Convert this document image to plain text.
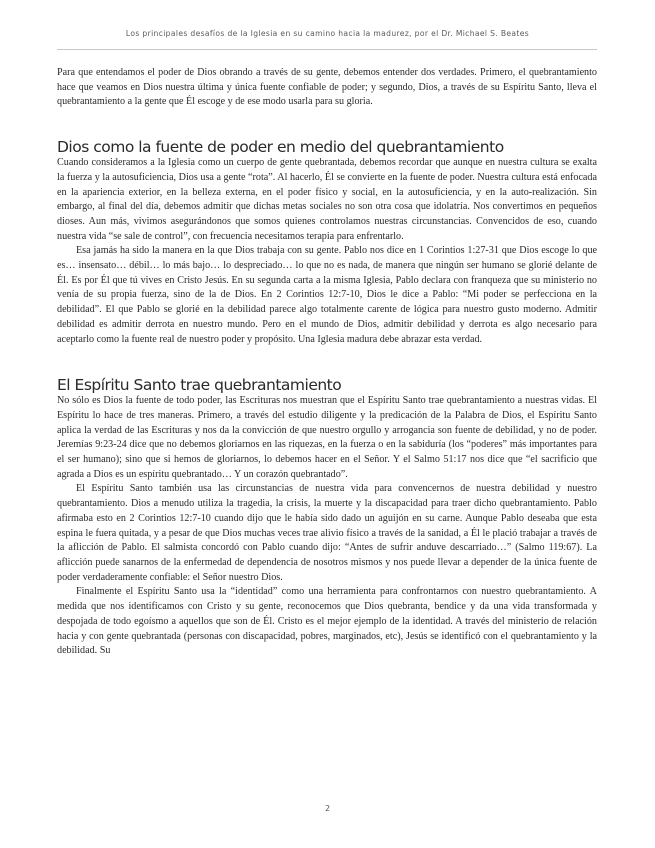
Los principales desafíos de la Iglesia en su camino hacia la madurez, por el Dr. Michael S. Beates

Para que entendamos el poder de Dios obrando a través de su gente, debemos entender dos verdades. Primero, el quebrantamiento hace que veamos en Dios nuestra última y única fuente confiable de poder; y segundo, Dios, a través de su Espíritu Santo, lleva el quebrantamiento a la gente que Él escoge y de ese modo usarla para su gloria.

Dios como la fuente de poder en medio del quebrantamiento

Cuando consideramos a la Iglesia como un cuerpo de gente quebrantada, debemos recordar que aunque en nuestra cultura se exalta la fuerza y la autosuficiencia, Dios usa a gente “rota”. Al hacerlo, Él se convierte en la fuente de poder. Nuestra cultura está enfocada en la apariencia exterior, en la belleza externa, en el poder físico y social, en la autosuficiencia, y en la auto-realización. Sin embargo, al final del día, debemos admitir que dichas metas sociales no son otra cosa que idolatría. Nos convertimos en pequeños dioses. Aun más, vivimos asegurándonos que somos quienes controlamos nuestras circunstancias. Convencidos de eso, cuando nuestra vida “se sale de control”, con frecuencia necesitamos terapia para enfrentarlo.

Esa jamás ha sido la manera en la que Dios trabaja con su gente. Pablo nos dice en 1 Corintios 1:27-31 que Dios escoge lo que es… insensato… débil… lo más bajo… lo despreciado… lo que no es nada, de manera que ningún ser humano se glorié delante de Él. Es por Él que tú vives en Cristo Jesús. En su segunda carta a la misma Iglesia, Pablo declara con franqueza que su ministerio no venía de su propia fuerza, sino de la de Dios. En 2 Corintios 12:7-10, Dios le dice a Pablo: “Mi poder se perfecciona en la debilidad”. El que Pablo se glorié en la debilidad parece algo totalmente carente de lógica para nuestro gusto moderno. Admitir debilidad es admitir derrota en nuestro mundo. Pero en el mundo de Dios, admitir debilidad y derrota es algo necesario para aceptarlo como la fuente real de nuestro poder y propósito. Una Iglesia madura debe abrazar esta verdad.

El Espíritu Santo trae quebrantamiento

No sólo es Dios la fuente de todo poder, las Escrituras nos muestran que el Espíritu Santo trae quebrantamiento a nuestras vidas. El Espíritu lo hace de tres maneras. Primero, a través del estudio diligente y la predicación de la Palabra de Dios, el Espíritu Santo aplica la verdad de las Escrituras y nos da la convicción de que nuestro orgullo y arrogancia son fuente de debilidad, y no de poder. Jeremías 9:23-24 dice que no debemos gloriarnos en las riquezas, en la fuerza o en la sabiduría (los “poderes” más importantes para el ser humano); sino que si hemos de gloriarnos, lo debemos hacer en el Señor. Y el Salmo 51:17 nos dice que “el sacrificio que agrada a Dios es un espíritu quebrantado… Y un corazón quebrantado”.

El Espíritu Santo también usa las circunstancias de nuestra vida para convencernos de nuestra debilidad y nuestro quebrantamiento. Dios a menudo utiliza la tragedia, la crisis, la muerte y la discapacidad para traer dicho quebrantamiento. Pablo afirmaba esto en 2 Corintios 12:7-10 cuando dijo que le había sido dado un aguijón en su carne. Aunque Pablo deseaba que esta espina le fuera quitada, y a pesar de que Dios muchas veces trae alivio físico a través de la sanidad, a Él le plació trabajar a través de la aflicción de Pablo. El salmista concordó con Pablo cuando dijo: “Antes de sufrir anduve descarriado…” (Salmo 119:67). La aflicción puede sanarnos de la enfermedad de dependencia de nosotros mismos y nos puede llevar a depender de la única fuente de poder verdaderamente confiable: el Señor nuestro Dios.

Finalmente el Espíritu Santo usa la “identidad” como una herramienta para confrontarnos con nuestro quebrantamiento. A medida que nos identificamos con Cristo y su gente, reconocemos que Dios quebranta, bendice y da una vida transformada y despojada de todo egoísmo a aquellos que son de Él. Cristo es el mejor ejemplo de la identidad. A través del ministerio de relación hacia y con gente quebrantada (personas con discapacidad, pobres, marginados, etc), Jesús se identificó con el quebrantamiento y la debilidad. Su

2
